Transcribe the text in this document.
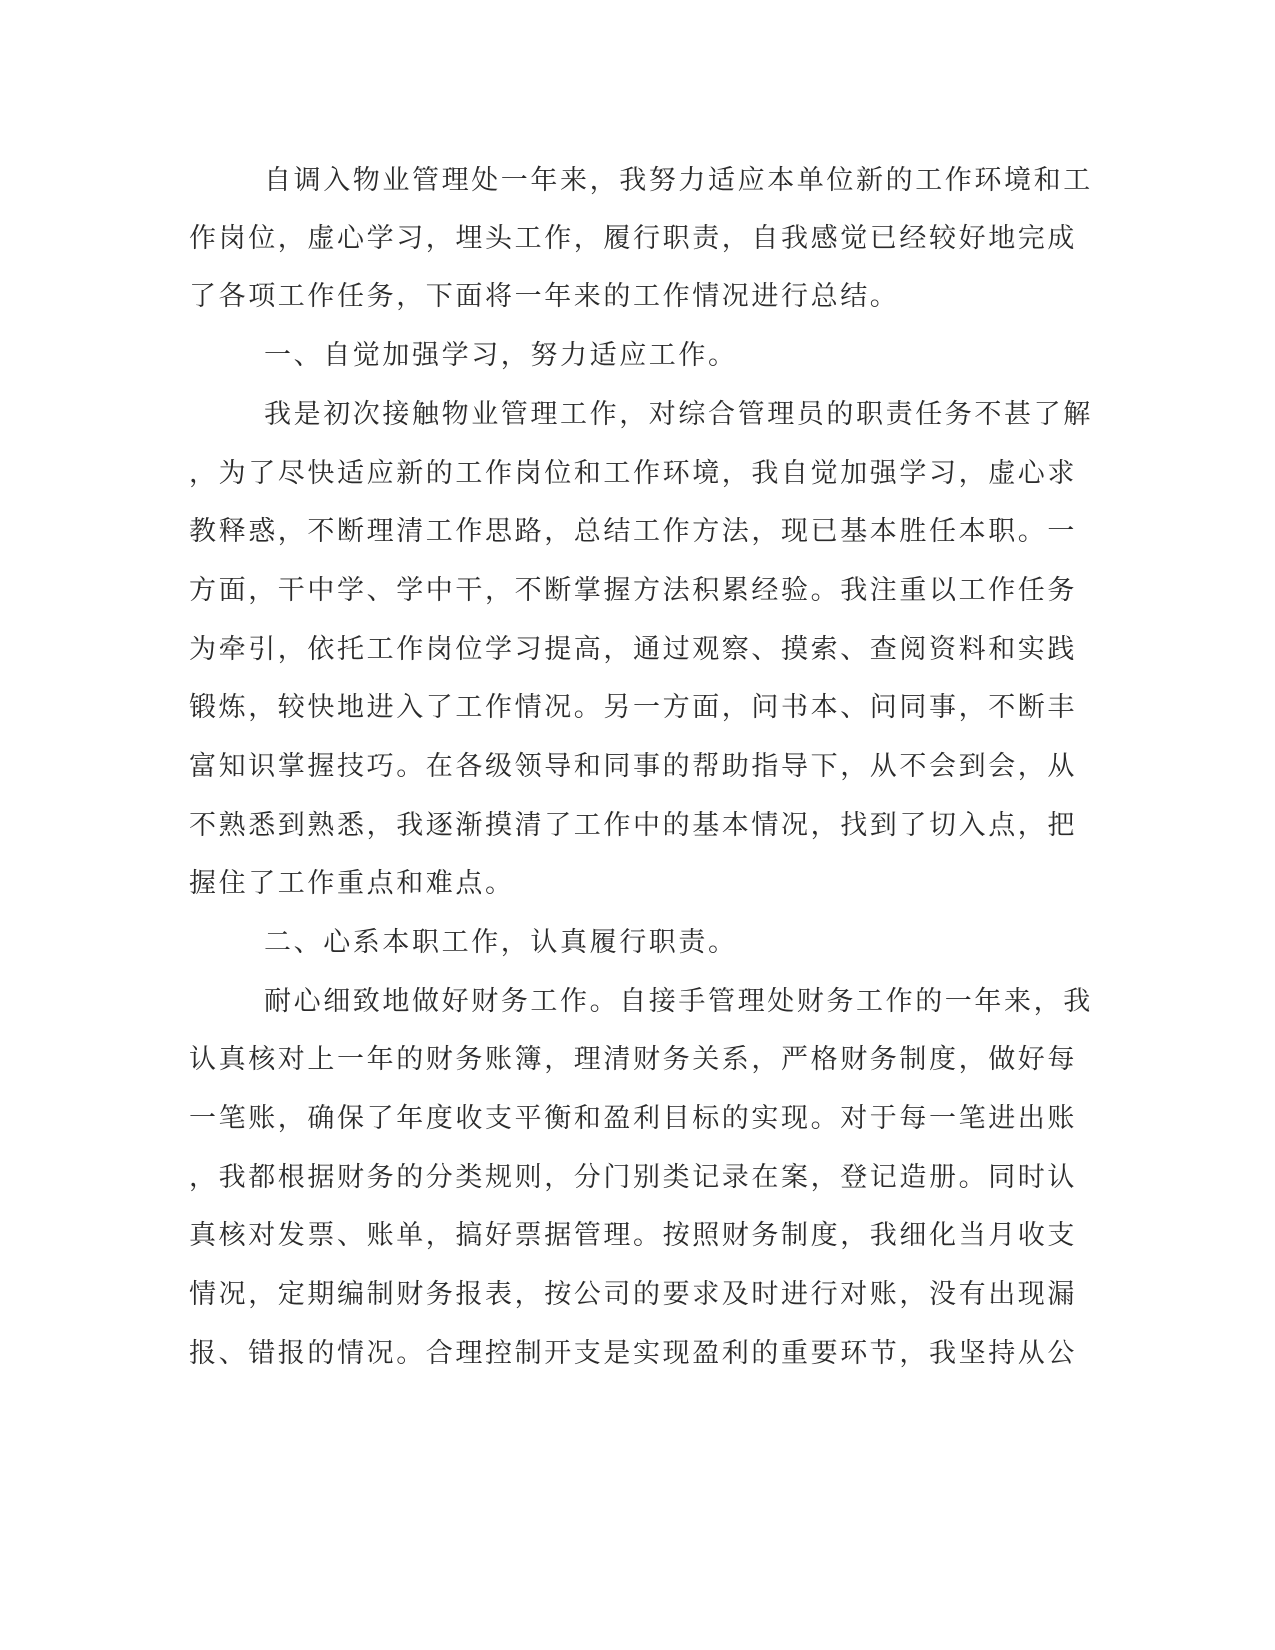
自调入物业管理处一年来，我努力适应本单位新的工作环境和工
作岗位，虚心学习，埋头工作，履行职责，自我感觉已经较好地完成
了各项工作任务，下面将一年来的工作情况进行总结。
一、自觉加强学习，努力适应工作。
我是初次接触物业管理工作，对综合管理员的职责任务不甚了解
，为了尽快适应新的工作岗位和工作环境，我自觉加强学习，虚心求
教释惑，不断理清工作思路，总结工作方法，现已基本胜任本职。一
方面，干中学、学中干，不断掌握方法积累经验。我注重以工作任务
为牵引，依托工作岗位学习提高，通过观察、摸索、查阅资料和实践
锻炼，较快地进入了工作情况。另一方面，问书本、问同事，不断丰
富知识掌握技巧。在各级领导和同事的帮助指导下，从不会到会，从
不熟悉到熟悉，我逐渐摸清了工作中的基本情况，找到了切入点，把
握住了工作重点和难点。
二、心系本职工作，认真履行职责。
耐心细致地做好财务工作。自接手管理处财务工作的一年来，我
认真核对上一年的财务账簿，理清财务关系，严格财务制度，做好每
一笔账，确保了年度收支平衡和盈利目标的实现。对于每一笔进出账
，我都根据财务的分类规则，分门别类记录在案，登记造册。同时认
真核对发票、账单，搞好票据管理。按照财务制度，我细化当月收支
情况，定期编制财务报表，按公司的要求及时进行对账，没有出现漏
报、错报的情况。合理控制开支是实现盈利的重要环节，我坚持从公
